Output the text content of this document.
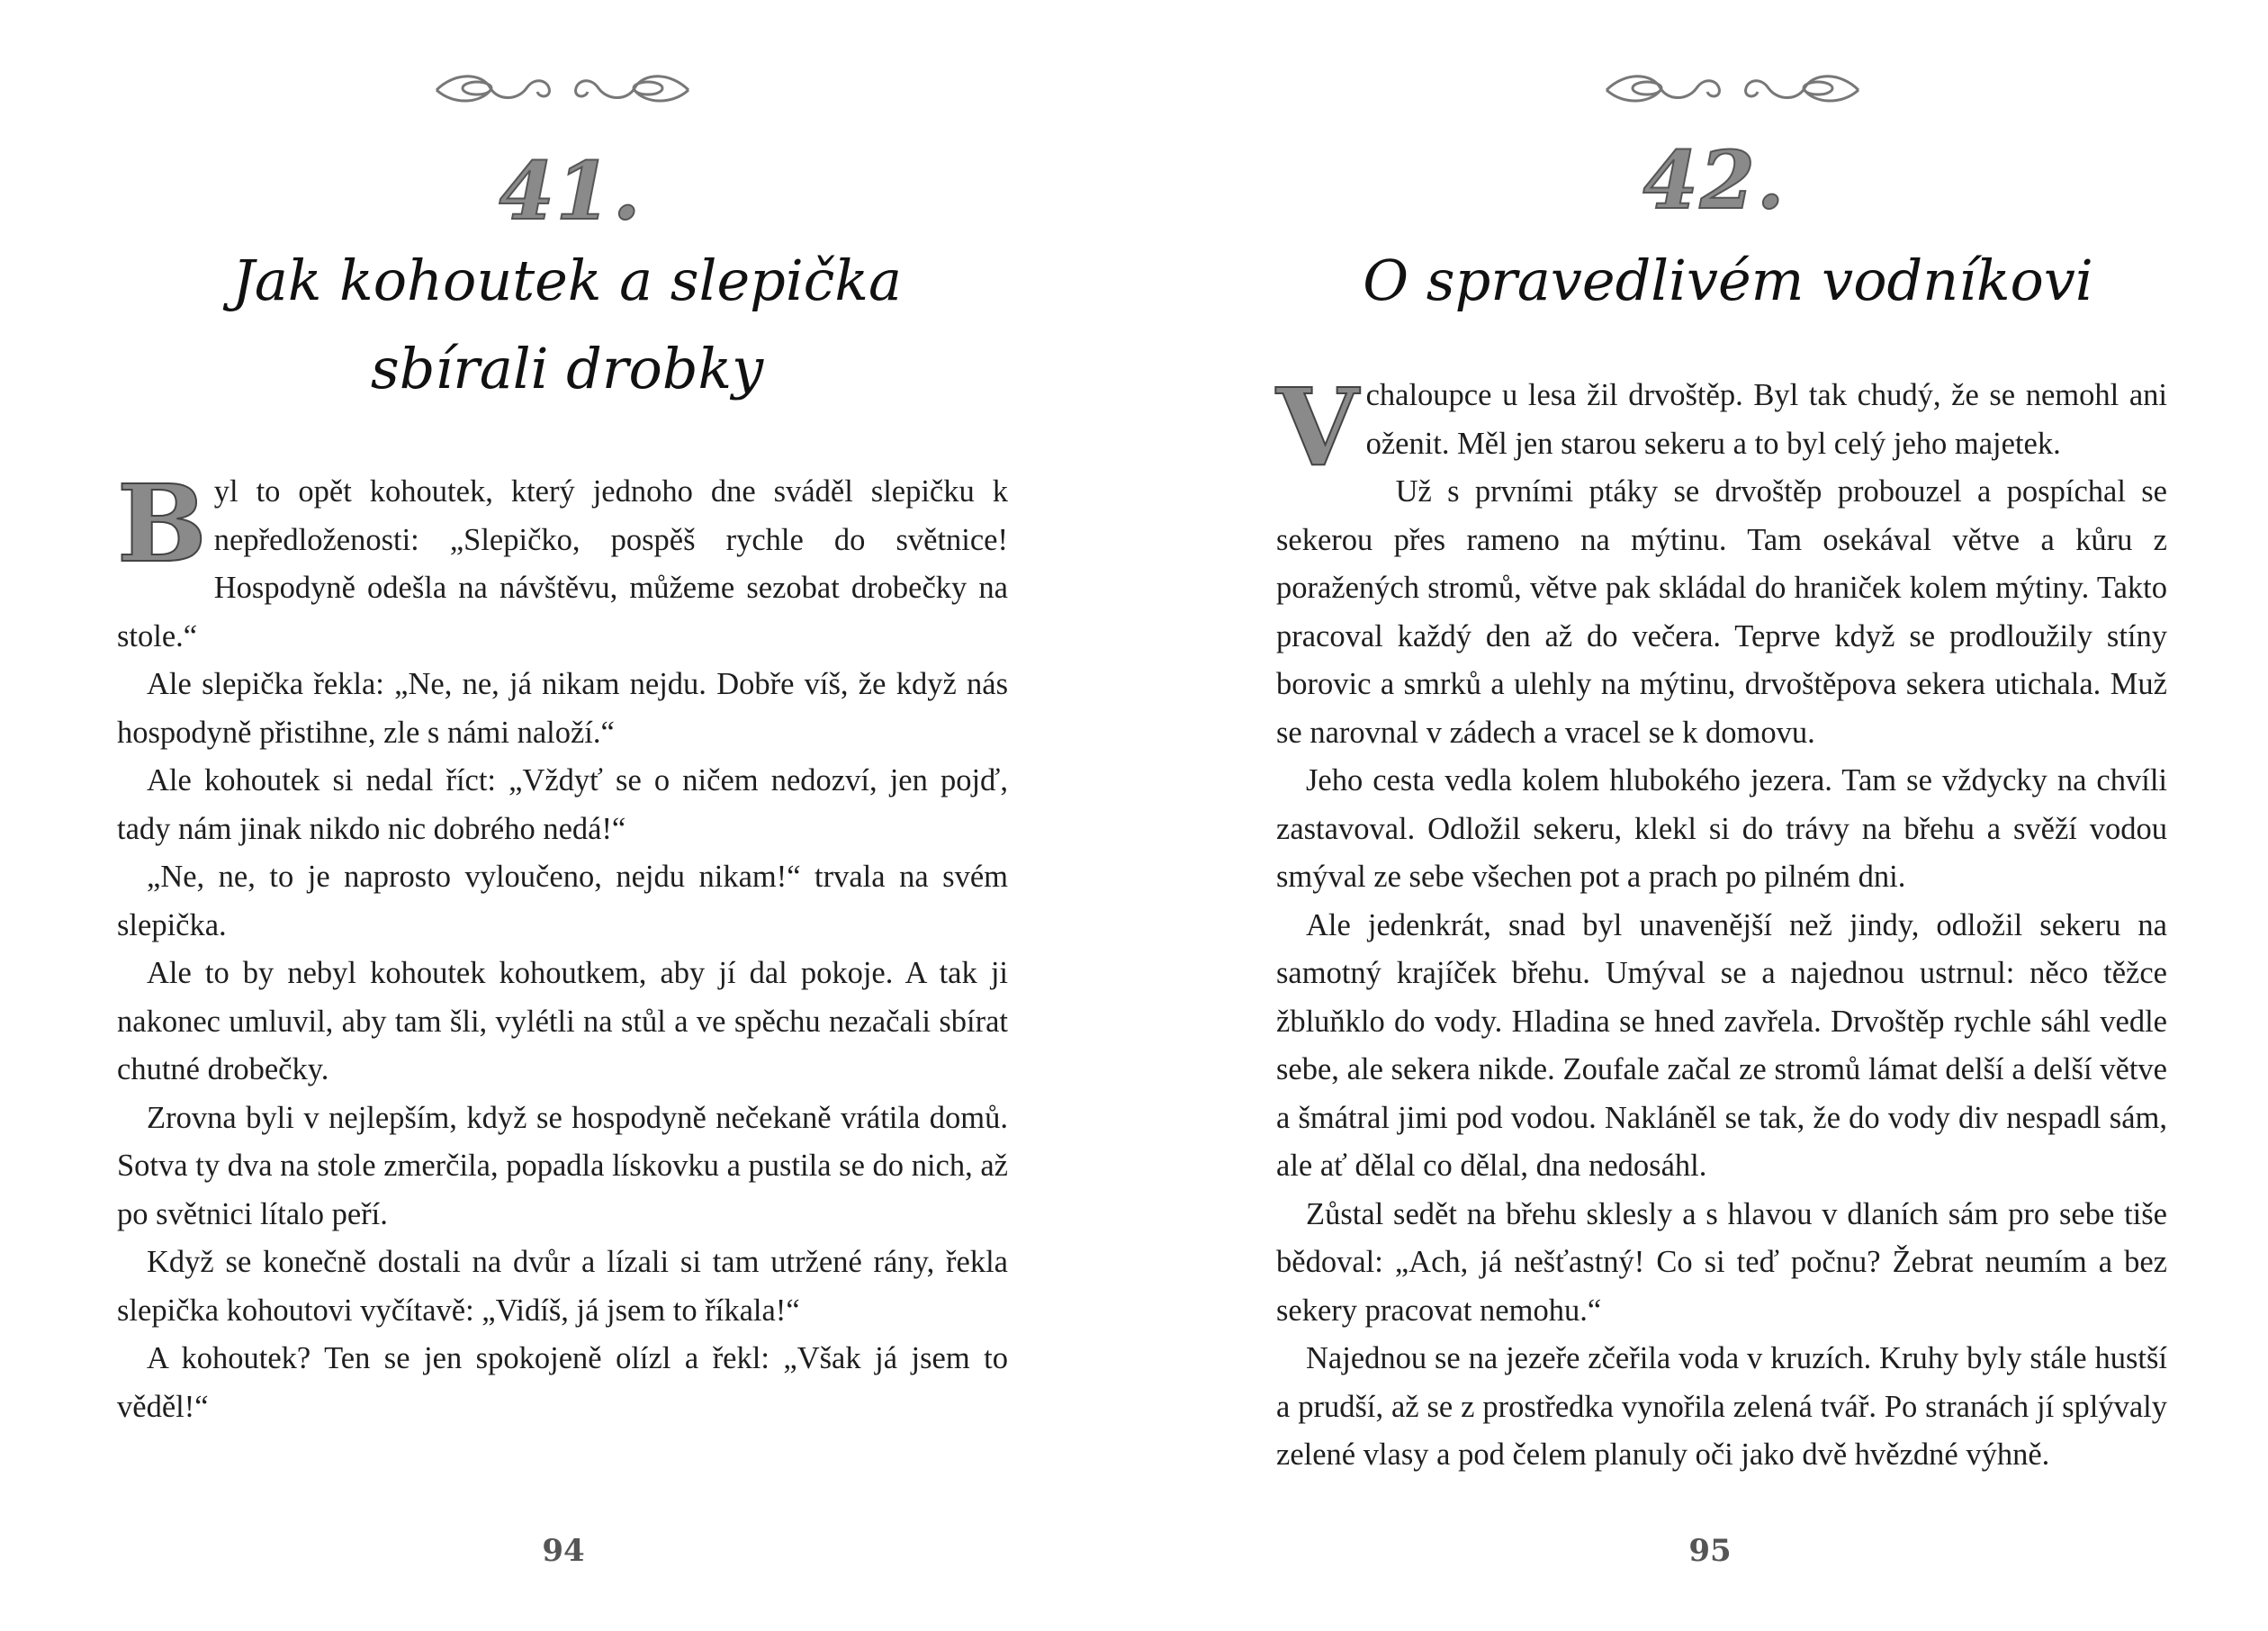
41.
Jak kohoutek a slepička
sbírali drobky

Byl to opět kohoutek, který jednoho dne sváděl slepičku k nepředloženosti: „Slepičko, pospěš rychle do světnice! Hospodyně odešla na návštěvu, můžeme sezobat drobečky na stole.“

Ale slepička řekla: „Ne, ne, já nikam nejdu. Dobře víš, že když nás hospodyně přistihne, zle s námi naloží.“

Ale kohoutek si nedal říct: „Vždyť se o ničem nedozví, jen pojď, tady nám jinak nikdo nic dobrého nedá!“

„Ne, ne, to je naprosto vyloučeno, nejdu nikam!“ trvala na svém slepička.

Ale to by nebyl kohoutek kohoutkem, aby jí dal pokoje. A tak ji nakonec umluvil, aby tam šli, vylétli na stůl a ve spěchu nezačali sbírat chutné drobečky.

Zrovna byli v nejlepším, když se hospodyně nečekaně vrátila domů. Sotva ty dva na stole zmerčila, popadla lískovku a pustila se do nich, až po světnici lítalo peří.

Když se konečně dostali na dvůr a lízali si tam utržené rány, řekla slepička kohoutovi vyčítavě: „Vidíš, já jsem to říkala!“

A kohoutek? Ten se jen spokojeně olízl a řekl: „Však já jsem to věděl!“

94
42.
O spravedlivém vodníkovi

Vchaloupce u lesa žil drvoštěp. Byl tak chudý, že se nemohl ani oženit. Měl jen starou sekeru a to byl celý jeho majetek.

Už s prvními ptáky se drvoštěp probouzel a pospíchal se sekerou přes rameno na mýtinu. Tam osekával větve a kůru z poražených stromů, větve pak skládal do hraniček kolem mýtiny. Takto pracoval každý den až do večera. Teprve když se prodloužily stíny borovic a smrků a ulehly na mýtinu, drvoštěpova sekera utichala. Muž se narovnal v zádech a vracel se k domovu.

Jeho cesta vedla kolem hlubokého jezera. Tam se vždycky na chvíli zastavoval. Odložil sekeru, klekl si do trávy na břehu a svěží vodou smýval ze sebe všechen pot a prach po pilném dni.

Ale jedenkrát, snad byl unavenější než jindy, odložil sekeru na samotný krajíček břehu. Umýval se a najednou ustrnul: něco těžce žbluňklo do vody. Hladina se hned zavřela. Drvoštěp rychle sáhl vedle sebe, ale sekera nikde. Zoufale začal ze stromů lámat delší a delší větve a šmátral jimi pod vodou. Nakláněl se tak, že do vody div nespadl sám, ale ať dělal co dělal, dna nedosáhl.

Zůstal sedět na břehu sklesly a s hlavou v dlaních sám pro sebe tiše bědoval: „Ach, já nešťastný! Co si teď počnu? Žebrat neumím a bez sekery pracovat nemohu.“

Najednou se na jezeře zčeřila voda v kruzích. Kruhy byly stále hustší a prudší, až se z prostředka vynořila zelená tvář. Po stranách jí splývaly zelené vlasy a pod čelem planuly oči jako dvě hvězdné výhně.

95
